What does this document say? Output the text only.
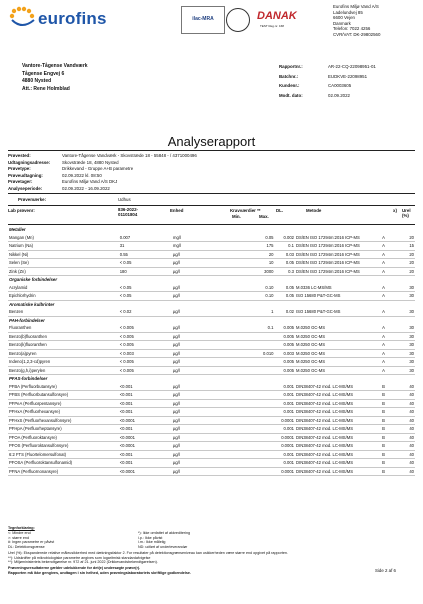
eurofins	ilac-MRA	DANAK
TEST Reg.nr. 168
Eurofins Miljø Vand A/S
Ladelundvej 85
6600 Vejen
Danmark
Telefon: 7022 4256
CVR/VAT: DK-29802560
Vantore-Tågense Vandværk
Tågense Engvej 6
4880 Nysted
Att.: Rene Holmblad
Rapportnr.:	AR-22-CQ-22098951-01
Batchnr.:	EUDKVE-22098951
Kundenr.:	CA0003605
Modt. dato:	02.09.2022
Analyserapport
Prøvested:	Vantore-Tågense Vandværk - Skovstræde 18 - 55848 - / 4371000496
Udtagningsadresse:	Skovstræde 18, 4880 Nysted
Prøvetype:	Drikkevand - Gruppe A+B parametre
Prøveudtagning:	02.09.2022 kl. 08:50
Prøvetager:	Eurofins Miljø Vand A/S DKJ
Analyseperiode:	02.09.2022 - 16.09.2022
Prøvemærke:	Udhus
Lab prøvenr:	836-2022-01101804
Enhed	Kravværdier **
Min.	Max.
DL.	Metode	x) Urel (%)
Metaller								
Mangan (Mn)	0.007	mg/l		0.05	0.002	DS/EN ISO 17294m:2016 ICP-MS	A	20
Natrium (Na)	31	mg/l		175	0.1	DS/EN ISO 17294m:2016 ICP-MS	A	15
Nikkel (Ni)	0.55	µg/l		20	0.03	DS/EN ISO 17294m:2016 ICP-MS	A	20
Selen (Se)	< 0.05	µg/l		10	0.05	DS/EN ISO 17294m:2016 ICP-MS	A	20
Zink (Zn)	180	µg/l		3000	0.3	DS/EN ISO 17294m:2016 ICP-MS	A	20
Organiske forbindelser								
Acrylamid	< 0.05	µg/l		0.10	0.05	M.0336 LC-MS/MS	A	30
Epichlorhydrin	< 0.05	µg/l		0.10	0.05	ISO 15680 P&T-GC-MS	A	30
Aromatiske kulbrinter								
Benzen	< 0.02	µg/l		1	0.02	ISO 15680 P&T-GC-MS	A	30
PAH-forbindelser								
Fluoranthen	< 0.005	µg/l		0.1	0.005	M.0250 GC-MS	A	30
Benzo(b)fluoranthen	< 0.005	µg/l			0.005	M.0250 GC-MS	A	30
Benzo(k)fluoranthen	< 0.005	µg/l			0.005	M.0250 GC-MS	A	30
Benzo(a)pyren	< 0.003	µg/l		0.010	0.003	M.0250 GC-MS	A	30
Indeno(1,2,3-cd)pyren	< 0.005	µg/l			0.005	M.0250 GC-MS	A	30
Benzo(g,h,i)perylen	< 0.005	µg/l			0.005	M.0250 GC-MS	A	30
PFAS-forbindelser								
PFBA (Perfluorbutansyre)	<0.001	µg/l			0.001	DIN38407-42 mod. LC-MS/MS	B	40
PFBS (Perfluorbutansulfonsyre)	<0.001	µg/l			0.001	DIN38407-42 mod. LC-MS/MS	B	40
PFPeA (Perfluorpentansyre)	<0.001	µg/l			0.001	DIN38407-42 mod. LC-MS/MS	B	40
PFHxA (Perfluorhexansyre)	<0.001	µg/l			0.001	DIN38407-42 mod. LC-MS/MS	B	40
PFHxS (Perfluorhexansulfonsyre)	<0.0001	µg/l			0.0001	DIN38407-42 mod. LC-MS/MS	B	40
PFHpA (Perfluorheptansyre)	<0.001	µg/l			0.001	DIN38407-42 mod. LC-MS/MS	B	40
PFOA (Perfluoroktansyre)	<0.0001	µg/l			0.0001	DIN38407-42 mod. LC-MS/MS	B	40
PFOS (Perfluoroktansulfonsyre)	<0.0001	µg/l			0.0001	DIN38407-42 mod. LC-MS/MS	B	40
6:2 FTS (Fluortelomersulfonat)	<0.001	µg/l			0.001	DIN38407-42 mod. LC-MS/MS	B	40
PFOSA (Perfluoroktansulfonamid)	<0.001	µg/l			0.001	DIN38407-42 mod. LC-MS/MS	B	40
PFNA (Perfluornonansyre)	<0.0001	µg/l			0.0001	DIN38407-42 mod. LC-MS/MS	B	40
Tegnforklaring:
<: Mindre end
>: større end
#: Ingen parametre er påvist
DL: Detektionsgrænse
*): Ikke omfattet af akkreditering
i.p.: Ikke påvist
i.m.: Ikke målelig
ND: udført af underleverandør
Urel (%): Ekspanderede relative måleusikkerhed med dækningsfaktor 2. For resultater på detektionsgrænseniveau kan usikkerheden være større end opgivet på rapporten.
**): Udsknifter på mikrobiologiske parametre angives som logaritmisk standardafvigelse
**): Miljøministeriets bekendtgørelse nr. 972 af 21. juni 2022 (Drikkevandsbekendtgørelsen).
Prøveningsresultaterne gælder udelukkende for det(e) undersøgte prøve(r).
Rapporten må ikke gengives, undtagen i sin helhed, uden prøvningslaboratoriets skriftlige godkendelse.	Side 2 af 6
